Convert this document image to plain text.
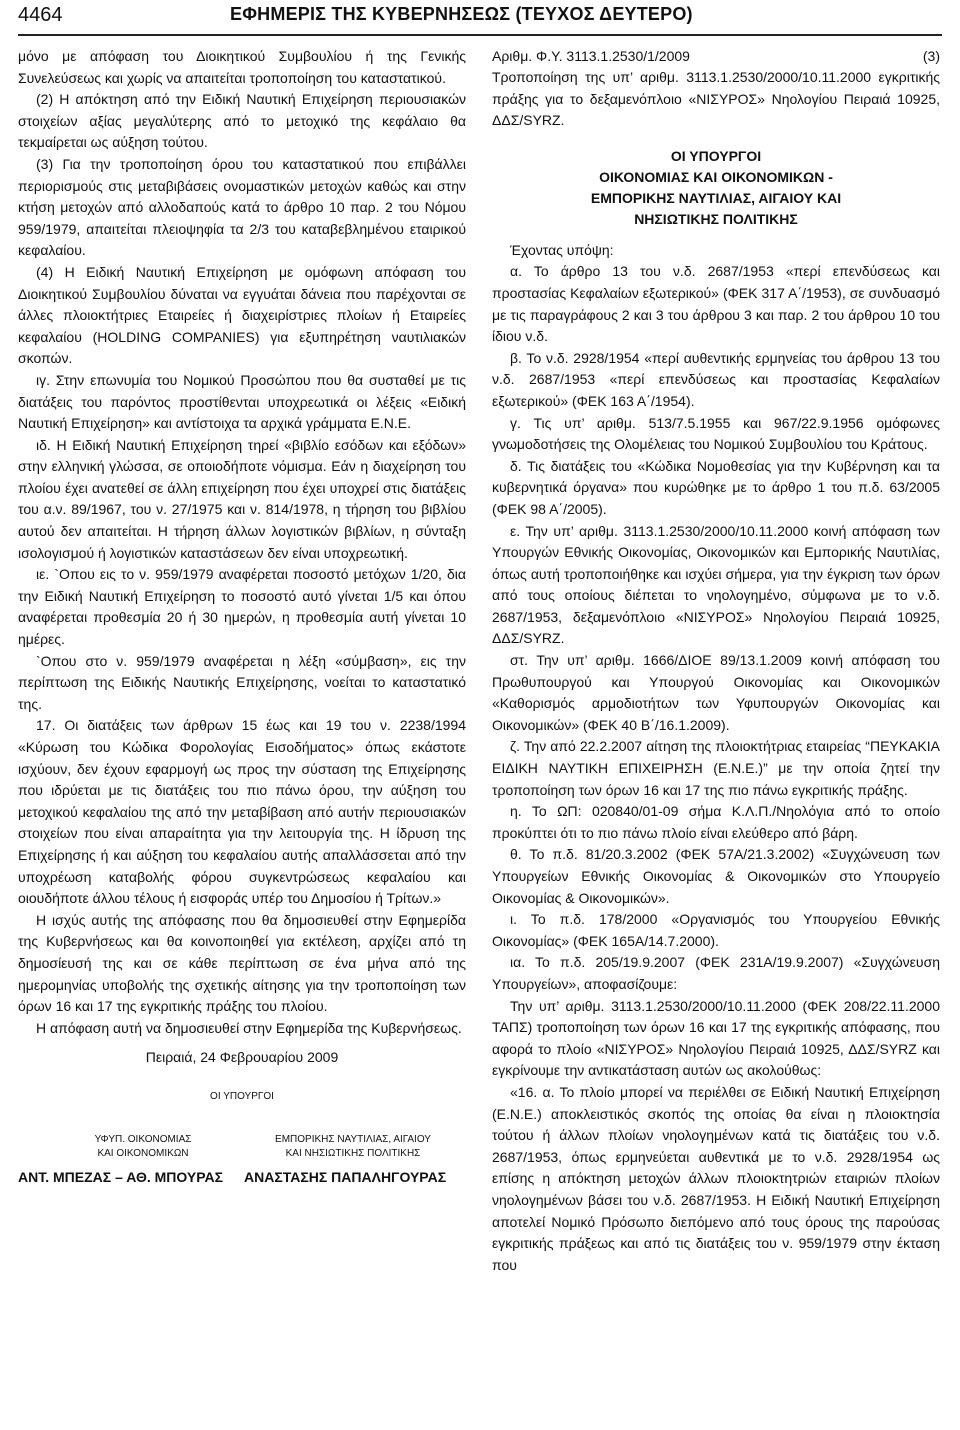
4464	ΕΦΗΜΕΡΙΣ ΤΗΣ ΚΥΒΕΡΝΗΣΕΩΣ (ΤΕΥΧΟΣ ΔΕΥΤΕΡΟ)

μόνο με απόφαση του Διοικητικού Συμβουλίου ή της Γενικής Συνελεύσεως και χωρίς να απαιτείται τροποποίηση του καταστατικού.

(2) Η απόκτηση από την Ειδική Ναυτική Επιχείρηση περιουσιακών στοιχείων αξίας μεγαλύτερης από το μετοχικό της κεφάλαιο θα τεκμαίρεται ως αύξηση τούτου.

(3) Για την τροποποίηση όρου του καταστατικού που επιβάλλει περιορισμούς στις μεταβιβάσεις ονομαστικών μετοχών καθώς και στην κτήση μετοχών από αλλοδαπούς κατά το άρθρο 10 παρ. 2 του Νόμου 959/1979, απαιτείται πλειοψηφία τα 2/3 του καταβεβλημένου εταιρικού κεφαλαίου.

(4) Η Ειδική Ναυτική Επιχείρηση με ομόφωνη απόφαση του Διοικητικού Συμβουλίου δύναται να εγγυάται δάνεια που παρέχονται σε άλλες πλοιοκτήτριες Εταιρείες ή διαχειρίστριες πλοίων ή Εταιρείες κεφαλαίου (HOLDING COMPANIES) για εξυπηρέτηση ναυτιλιακών σκοπών.

ιγ. Στην επωνυμία του Νομικού Προσώπου που θα συσταθεί με τις διατάξεις του παρόντος προστίθενται υποχρεωτικά οι λέξεις «Ειδική Ναυτική Επιχείρηση» και αντίστοιχα τα αρχικά γράμματα Ε.Ν.Ε.

ιδ. Η Ειδική Ναυτική Επιχείρηση τηρεί «βιβλίο εσόδων και εξόδων» στην ελληνική γλώσσα, σε οποιοδήποτε νόμισμα. Εάν η διαχείρηση του πλοίου έχει ανατεθεί σε άλλη επιχείρηση που έχει υποχρεί στις διατάξεις του α.ν. 89/1967, του ν. 27/1975 και ν. 814/1978, η τήρηση του βιβλίου αυτού δεν απαιτείται. Η τήρηση άλλων λογιστικών βιβλίων, η σύνταξη ισολογισμού ή λογιστικών καταστάσεων δεν είναι υποχρεωτική.

ιε. `Οπου εις το ν. 959/1979 αναφέρεται ποσοστό μετόχων 1/20, δια την Ειδική Ναυτική Επιχείρηση το ποσοστό αυτό γίνεται 1/5 και όπου αναφέρεται προθεσμία 20 ή 30 ημερών, η προθεσμία αυτή γίνεται 10 ημέρες.

`Οπου στο ν. 959/1979 αναφέρεται η λέξη «σύμβαση», εις την περίπτωση της Ειδικής Ναυτικής Επιχείρησης, νοείται το καταστατικό της.

17. Οι διατάξεις των άρθρων 15 έως και 19 του ν. 2238/1994 «Κύρωση του Κώδικα Φορολογίας Εισοδήματος» όπως εκάστοτε ισχύουν, δεν έχουν εφαρμογή ως προς την σύσταση της Επιχείρησης που ιδρύεται με τις διατάξεις του πιο πάνω όρου, την αύξηση του μετοχικού κεφαλαίου της από την μεταβίβαση από αυτήν περιουσιακών στοιχείων που είναι απαραίτητα για την λειτουργία της. Η ίδρυση της Επιχείρησης ή και αύξηση του κεφαλαίου αυτής απαλλάσσεται από την υποχρέωση καταβολής φόρου συγκεντρώσεως κεφαλαίου και οιουδήποτε άλλου τέλους ή εισφοράς υπέρ του Δημοσίου ή Τρίτων.»

Η ισχύς αυτής της απόφασης που θα δημοσιευθεί στην Εφημερίδα της Κυβερνήσεως και θα κοινοποιηθεί για εκτέλεση, αρχίζει από τη δημοσίευσή της και σε κάθε περίπτωση σε ένα μήνα από της ημερομηνίας υποβολής της σχετικής αίτησης για την τροποποίηση των όρων 16 και 17 της εγκριτικής πράξης του πλοίου.

Η απόφαση αυτή να δημοσιευθεί στην Εφημερίδα της Κυβερνήσεως.

Πειραιά, 24 Φεβρουαρίου 2009
ΟΙ ΥΠΟΥΡΓΟΙ
ΥΦΥΠ. ΟΙΚΟΝΟΜΙΑΣ
ΚΑΙ ΟΙΚΟΝΟΜΙΚΩΝ
ΕΜΠΟΡΙΚΗΣ ΝΑΥΤΙΛΙΑΣ, ΑΙΓΑΙΟΥ
ΚΑΙ ΝΗΣΙΩΤΙΚΗΣ ΠΟΛΙΤΙΚΗΣ
ΑΝΤ. ΜΠΕΖΑΣ – ΑΘ. ΜΠΟΥΡΑΣ ΑΝΑΣΤΑΣΗΣ ΠΑΠΑΛΗΓΟΥΡΑΣ
Αριθμ. Φ.Υ. 3113.1.2530/1/2009	(3)

Τροποποίηση της υπ’ αριθμ. 3113.1.2530/2000/10.11.2000 εγκριτικής πράξης για το δεξαμενόπλοιο «ΝΙΣΥΡΟΣ» Νηολογίου Πειραιά 10925, ΔΔΣ/SYRZ.

ΟΙ ΥΠΟΥΡΓΟΙ
ΟΙΚΟΝΟΜΙΑΣ ΚΑΙ ΟΙΚΟΝΟΜΙΚΩΝ -
ΕΜΠΟΡΙΚΗΣ ΝΑΥΤΙΛΙΑΣ, ΑΙΓΑΙΟΥ ΚΑΙ
ΝΗΣΙΩΤΙΚΗΣ ΠΟΛΙΤΙΚΗΣ

Έχοντας υπόψη:

α. Το άρθρο 13 του ν.δ. 2687/1953 «περί επενδύσεως και προστασίας Κεφαλαίων εξωτερικού» (ΦΕΚ 317 Α΄/1953), σε συνδυασμό με τις παραγράφους 2 και 3 του άρθρου 3 και παρ. 2 του άρθρου 10 του ίδιου ν.δ.

β. Το ν.δ. 2928/1954 «περί αυθεντικής ερμηνείας του άρθρου 13 του ν.δ. 2687/1953 «περί επενδύσεως και προστασίας Κεφαλαίων εξωτερικού» (ΦΕΚ 163 Α΄/1954).

γ. Τις υπ’ αριθμ. 513/7.5.1955 και 967/22.9.1956 ομόφωνες γνωμοδοτήσεις της Ολομέλειας του Νομικού Συμβουλίου του Κράτους.

δ. Τις διατάξεις του «Κώδικα Νομοθεσίας για την Κυβέρνηση και τα κυβερνητικά όργανα» που κυρώθηκε με το άρθρο 1 του π.δ. 63/2005 (ΦΕΚ 98 Α΄/2005).

ε. Την υπ’ αριθμ. 3113.1.2530/2000/10.11.2000 κοινή απόφαση των Υπουργών Εθνικής Οικονομίας, Οικονομικών και Εμπορικής Ναυτιλίας, όπως αυτή τροποποιήθηκε και ισχύει σήμερα, για την έγκριση των όρων από τους οποίους διέπεται το νηολογημένο, σύμφωνα με το ν.δ. 2687/1953, δεξαμενόπλοιο «ΝΙΣΥΡΟΣ» Νηολογίου Πειραιά 10925, ΔΔΣ/SYRZ.

στ. Την υπ’ αριθμ. 1666/ΔΙΟΕ 89/13.1.2009 κοινή απόφαση του Πρωθυπουργού και Υπουργού Οικονομίας και Οικονομικών «Καθορισμός αρμοδιοτήτων των Υφυπουργών Οικονομίας και Οικονομικών» (ΦΕΚ 40 Β΄/16.1.2009).

ζ. Την από 22.2.2007 αίτηση της πλοιοκτήτριας εταιρείας “ΠΕΥΚΑΚΙΑ ΕΙΔΙΚΗ ΝΑΥΤΙΚΗ ΕΠΙΧΕΙΡΗΣΗ (Ε.Ν.Ε.)” με την οποία ζητεί την τροποποίηση των όρων 16 και 17 της πιο πάνω εγκριτικής πράξης.

η. Το ΩΠ: 020840/01-09 σήμα Κ.Λ.Π./Νηολόγια από το οποίο προκύπτει ότι το πιο πάνω πλοίο είναι ελεύθερο από βάρη.

θ. Το π.δ. 81/20.3.2002 (ΦΕΚ 57Α/21.3.2002) «Συγχώνευση των Υπουργείων Εθνικής Οικονομίας & Οικονομικών στο Υπουργείο Οικονομίας & Οικονομικών».

ι. Το π.δ. 178/2000 «Οργανισμός του Υπουργείου Εθνικής Οικονομίας» (ΦΕΚ 165Α/14.7.2000).

ια. Το π.δ. 205/19.9.2007 (ΦΕΚ 231Α/19.9.2007) «Συγχώνευση Υπουργείων», αποφασίζουμε:

Την υπ’ αριθμ. 3113.1.2530/2000/10.11.2000 (ΦΕΚ 208/22.11.2000 ΤΑΠΣ) τροποποίηση των όρων 16 και 17 της εγκριτικής απόφασης, που αφορά το πλοίο «ΝΙΣΥΡΟΣ» Νηολογίου Πειραιά 10925, ΔΔΣ/SYRZ και εγκρίνουμε την αντικατάσταση αυτών ως ακολούθως:

«16. α. Το πλοίο μπορεί να περιέλθει σε Ειδική Ναυτική Επιχείρηση (Ε.Ν.Ε.) αποκλειστικός σκοπός της οποίας θα είναι η πλοιοκτησία τούτου ή άλλων πλοίων νηολογημένων κατά τις διατάξεις του ν.δ. 2687/1953, όπως ερμηνεύεται αυθεντικά με το ν.δ. 2928/1954 ως επίσης η απόκτηση μετοχών άλλων πλοιοκτητριών εταιριών πλοίων νηολογημένων βάσει του ν.δ. 2687/1953. Η Ειδική Ναυτική Επιχείρηση αποτελεί Νομικό Πρόσωπο διεπόμενο από τους όρους της παρούσας εγκριτικής πράξεως και από τις διατάξεις του ν. 959/1979 στην έκταση που
